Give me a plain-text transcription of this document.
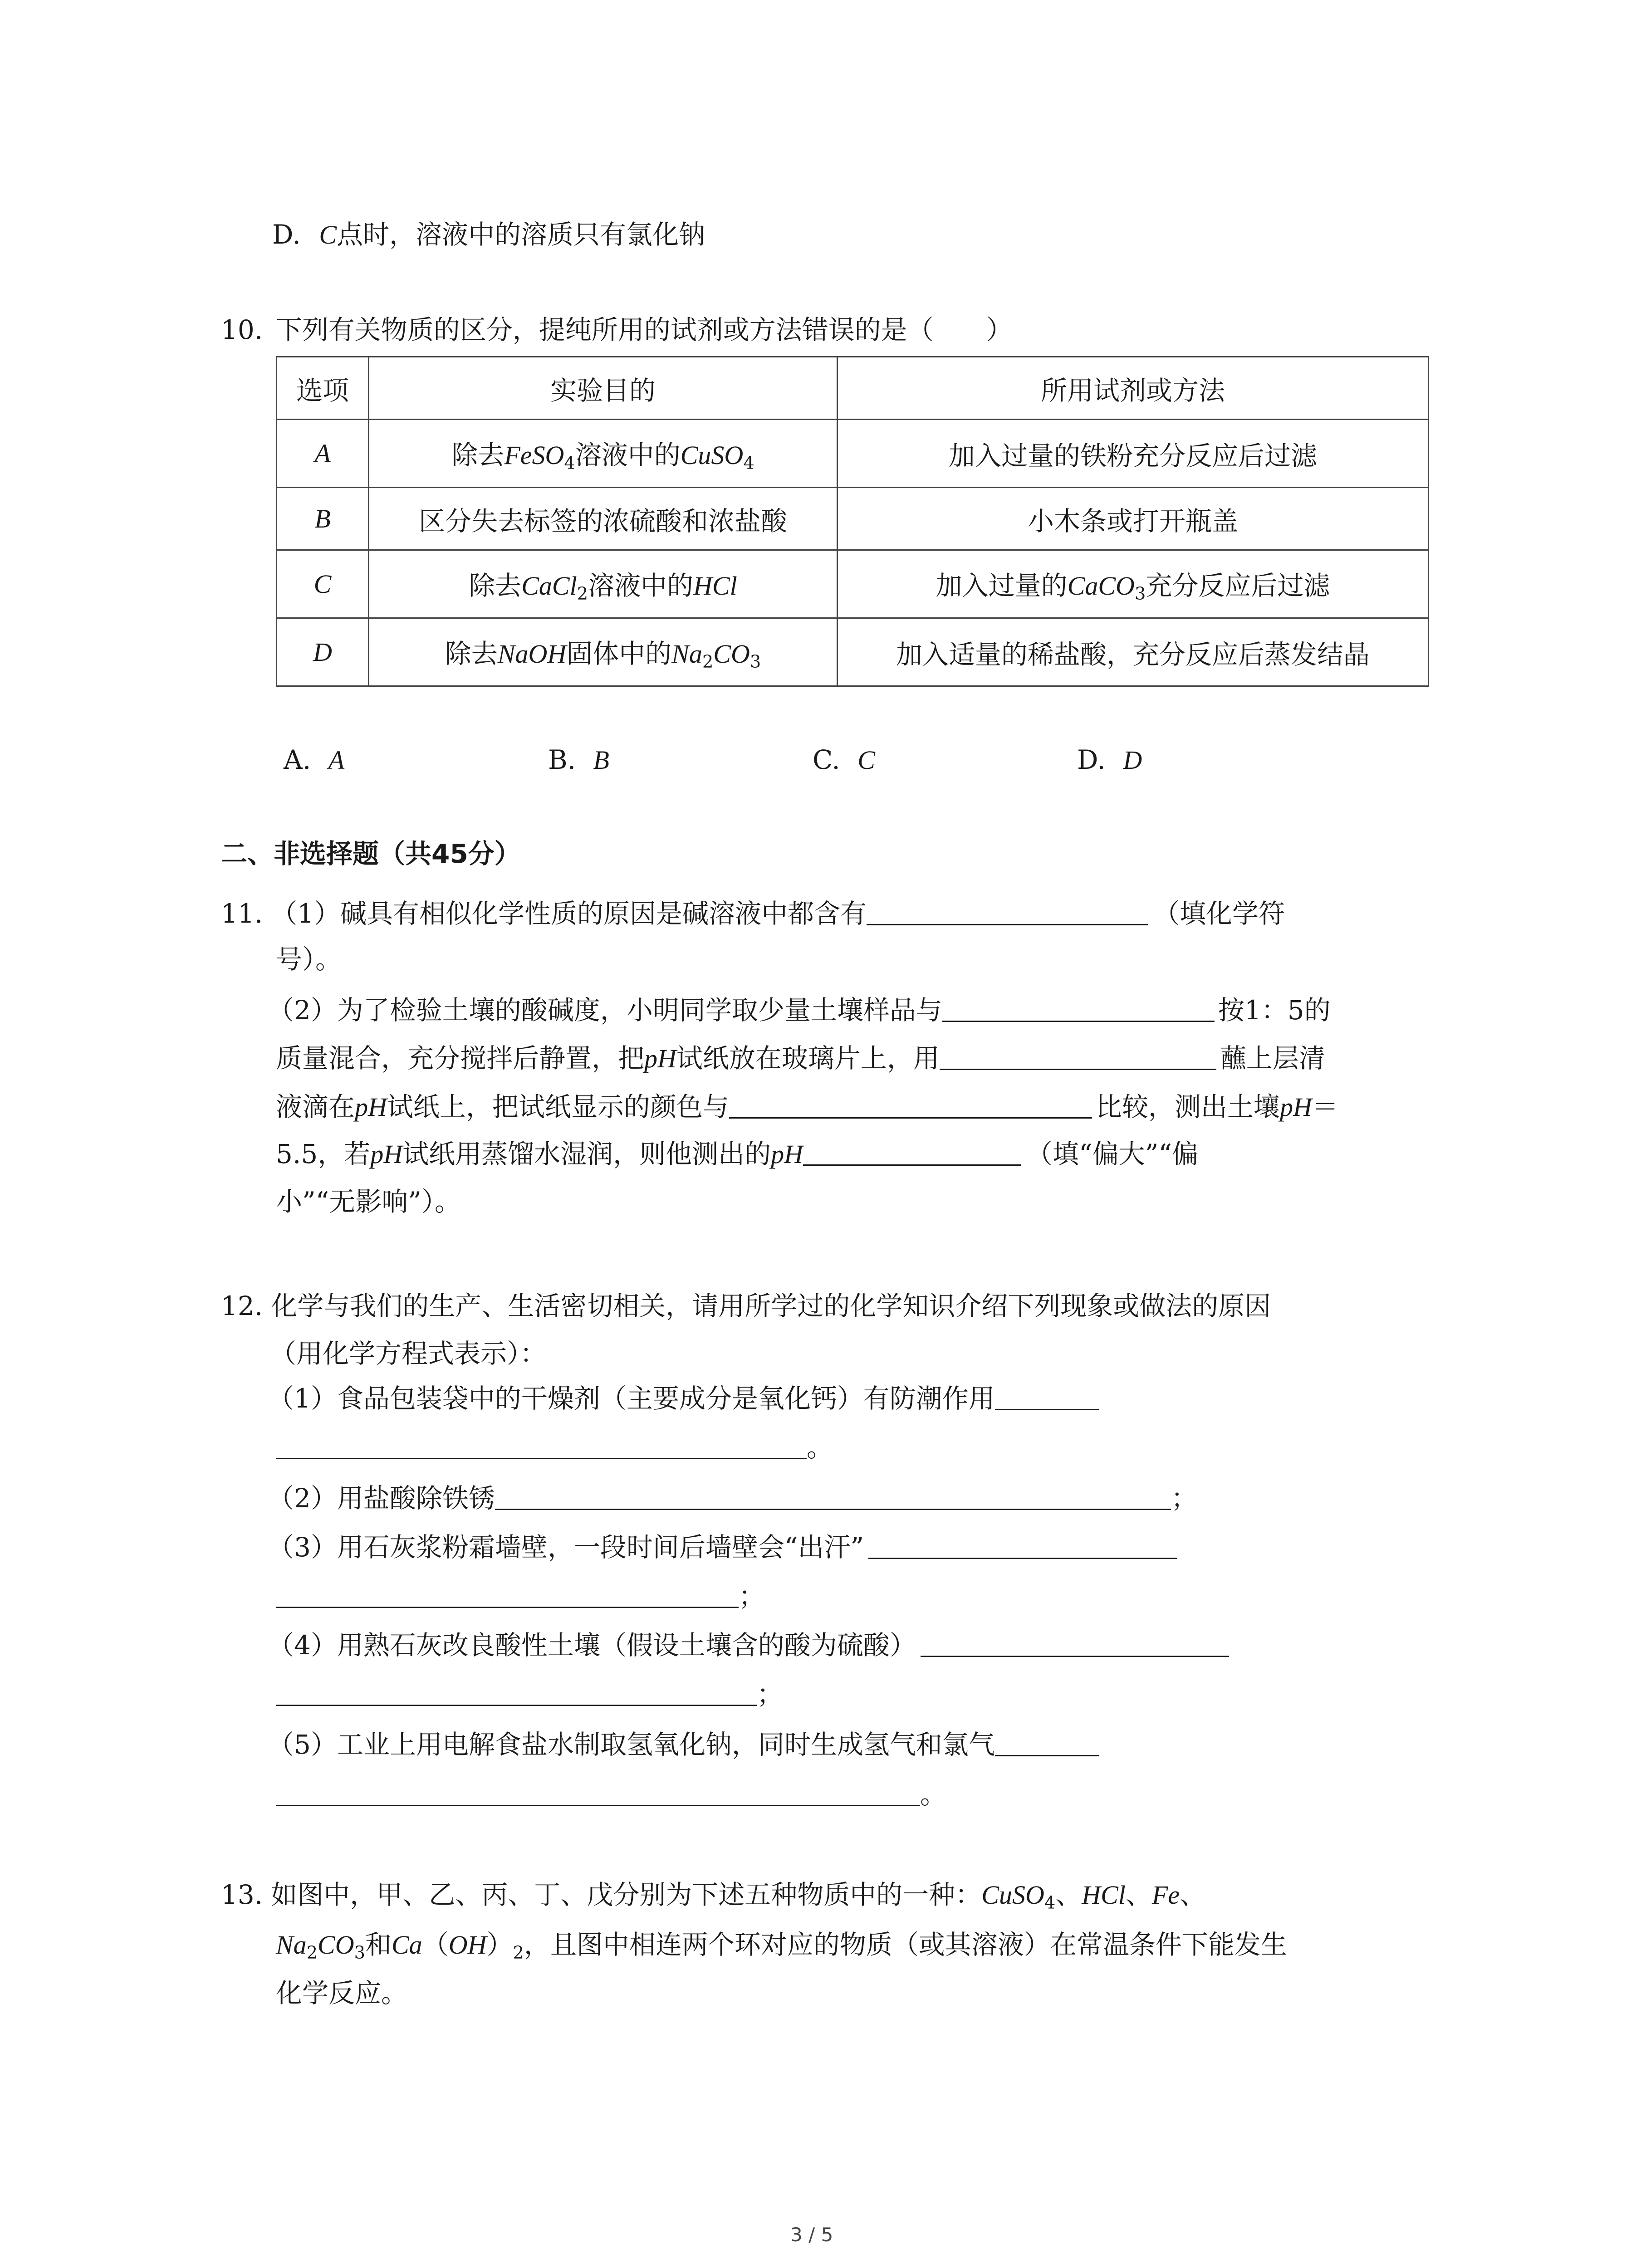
D. C点时，溶液中的溶质只有氯化钠
10. 下列有关物质的区分，提纯所用的试剂或方法错误的是（　　）
选项	实验目的	所用试剂或方法
A	除去FeSO$_4$溶液中的CuSO$_4$	加入过量的铁粉充分反应后过滤
B	区分失去标签的浓硫酸和浓盐酸	小木条或打开瓶盖
C	除去CaCl$_2$溶液中的HCl	加入过量的CaCO$_3$充分反应后过滤
D	除去NaOH固体中的$Na_2CO_3$	加入适量的稀盐酸，充分反应后蒸发结晶
A. A	B. B	C. C	D. D
二、非选择题（共45分）
11. （1）碱具有相似化学性质的原因是碱溶液中都含有	（填化学符
号）。
（2）为了检验土壤的酸碱度，小明同学取少量土壤样品与	按1：5的
质量混合，充分搅拌后静置，把pH试纸放在玻璃片上，用	蘸上层清
液滴在pH试纸上，把试纸显示的颜色与	比较，测出土壤pH＝
5.5，若pH试纸用蒸馏水湿润，则他测出的pH	（填“偏大”“偏
小”“无影响”）。
12. 化学与我们的生产、生活密切相关，请用所学过的化学知识介绍下列现象或做法的原因
（用化学方程式表示）：
（1）食品包装袋中的干燥剂（主要成分是氧化钙）有防潮作用
。
（2）用盐酸除铁锈	；
（3）用石灰浆粉霜墙壁，一段时间后墙壁会“出汗”
；
（4）用熟石灰改良酸性土壤（假设土壤含的酸为硫酸）
；
（5）工业上用电解食盐水制取氢氧化钠，同时生成氢气和氯气
。
13. 如图中，甲、乙、丙、丁、戊分别为下述五种物质中的一种：CuSO$_4$、HCl、Fe、
$Na_2CO_3$和$Ca(OH)_2$，且图中相连两个环对应的物质（或其溶液）在常温条件下能发生
化学反应。
3 / 5
